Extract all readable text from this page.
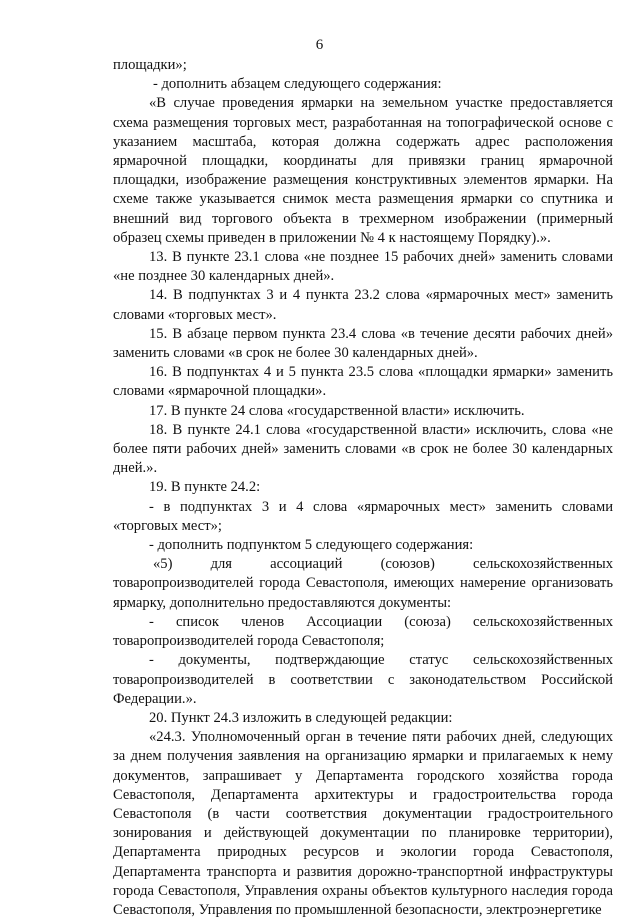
6

площадки»;

- дополнить абзацем следующего содержания:

«В случае проведения ярмарки на земельном участке предоставляется схема размещения торговых мест, разработанная на топографической основе с указанием масштаба, которая должна содержать адрес расположения ярмарочной площадки, координаты для привязки границ ярмарочной площадки, изображение размещения конструктивных элементов ярмарки. На схеме также указывается снимок места размещения ярмарки со спутника и внешний вид торгового объекта в трехмерном изображении (примерный образец схемы приведен в приложении № 4 к настоящему Порядку).».

13. В пункте 23.1 слова «не позднее 15 рабочих дней» заменить словами «не позднее 30 календарных дней».

14. В подпунктах 3 и 4 пункта 23.2 слова «ярмарочных мест» заменить словами «торговых мест».

15. В абзаце первом пункта 23.4 слова «в течение десяти рабочих дней» заменить словами «в срок не более 30 календарных дней».

16. В подпунктах 4 и 5 пункта 23.5 слова «площадки ярмарки» заменить словами «ярмарочной площадки».

17. В пункте 24 слова «государственной власти» исключить.

18. В пункте 24.1 слова «государственной власти» исключить, слова «не более пяти рабочих дней» заменить словами «в срок не более 30 календарных дней.».

19. В пункте 24.2:

- в подпунктах 3 и 4 слова «ярмарочных мест» заменить словами «торговых мест»;

- дополнить подпунктом 5 следующего содержания:

«5) для ассоциаций (союзов) сельскохозяйственных товаропроизводителей города Севастополя, имеющих намерение организовать ярмарку, дополнительно предоставляются документы:

- список членов Ассоциации (союза) сельскохозяйственных товаропроизводителей города Севастополя;

- документы, подтверждающие статус сельскохозяйственных товаропроизводителей в соответствии с законодательством Российской Федерации.».

20. Пункт 24.3 изложить в следующей редакции:

«24.3. Уполномоченный орган в течение пяти рабочих дней, следующих за днем получения заявления на организацию ярмарки и прилагаемых к нему документов, запрашивает у Департамента городского хозяйства города Севастополя, Департамента архитектуры и градостроительства города Севастополя (в части соответствия документации градостроительного зонирования и действующей документации по планировке территории), Департамента природных ресурсов и экологии города Севастополя, Департамента транспорта и развития дорожно-транспортной инфраструктуры города Севастополя, Управления охраны объектов культурного наследия города Севастополя, Управления по промышленной безопасности, электроэнергетике
